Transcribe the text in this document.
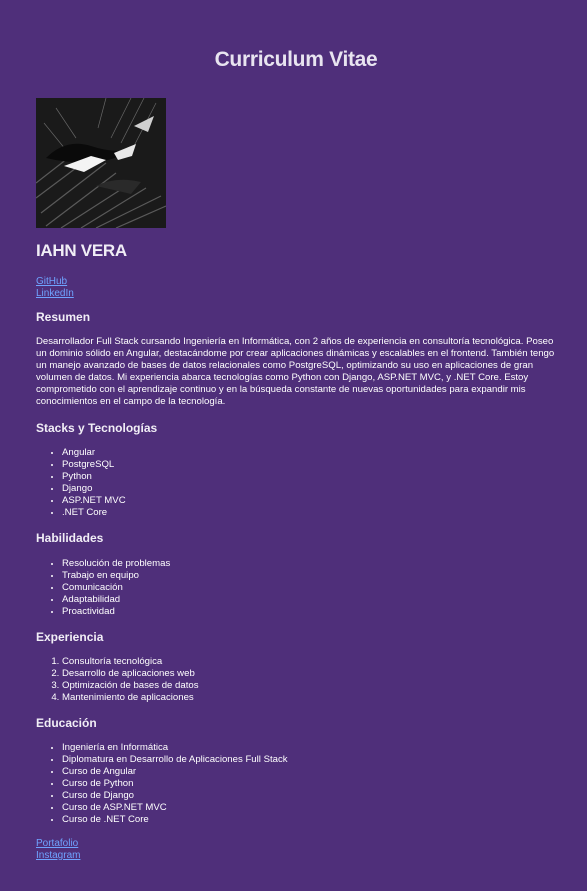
Curriculum Vitae
IAHN VERA
GitHub
LinkedIn
Resumen

Desarrollador Full Stack cursando Ingeniería en Informática, con 2 años de experiencia en consultoría tecnológica. Poseo un dominio sólido en Angular, destacándome por crear aplicaciones dinámicas y escalables en el frontend. También tengo un manejo avanzado de bases de datos relacionales como PostgreSQL, optimizando su uso en aplicaciones de gran volumen de datos. Mi experiencia abarca tecnologías como Python con Django, ASP.NET MVC, y .NET Core. Estoy comprometido con el aprendizaje continuo y en la búsqueda constante de nuevas oportunidades para expandir mis conocimientos en el campo de la tecnología.

Stacks y Tecnologías
• Angular
• PostgreSQL
• Python
• Django
• ASP.NET MVC
• .NET Core
Habilidades
• Resolución de problemas
• Trabajo en equipo
• Comunicación
• Adaptabilidad
• Proactividad
Experiencia
1. Consultoría tecnológica
2. Desarrollo de aplicaciones web
3. Optimización de bases de datos
4. Mantenimiento de aplicaciones
Educación
• Ingeniería en Informática
• Diplomatura en Desarrollo de Aplicaciones Full Stack
• Curso de Angular
• Curso de Python
• Curso de Django
• Curso de ASP.NET MVC
• Curso de .NET Core
Portafolio
Instagram
